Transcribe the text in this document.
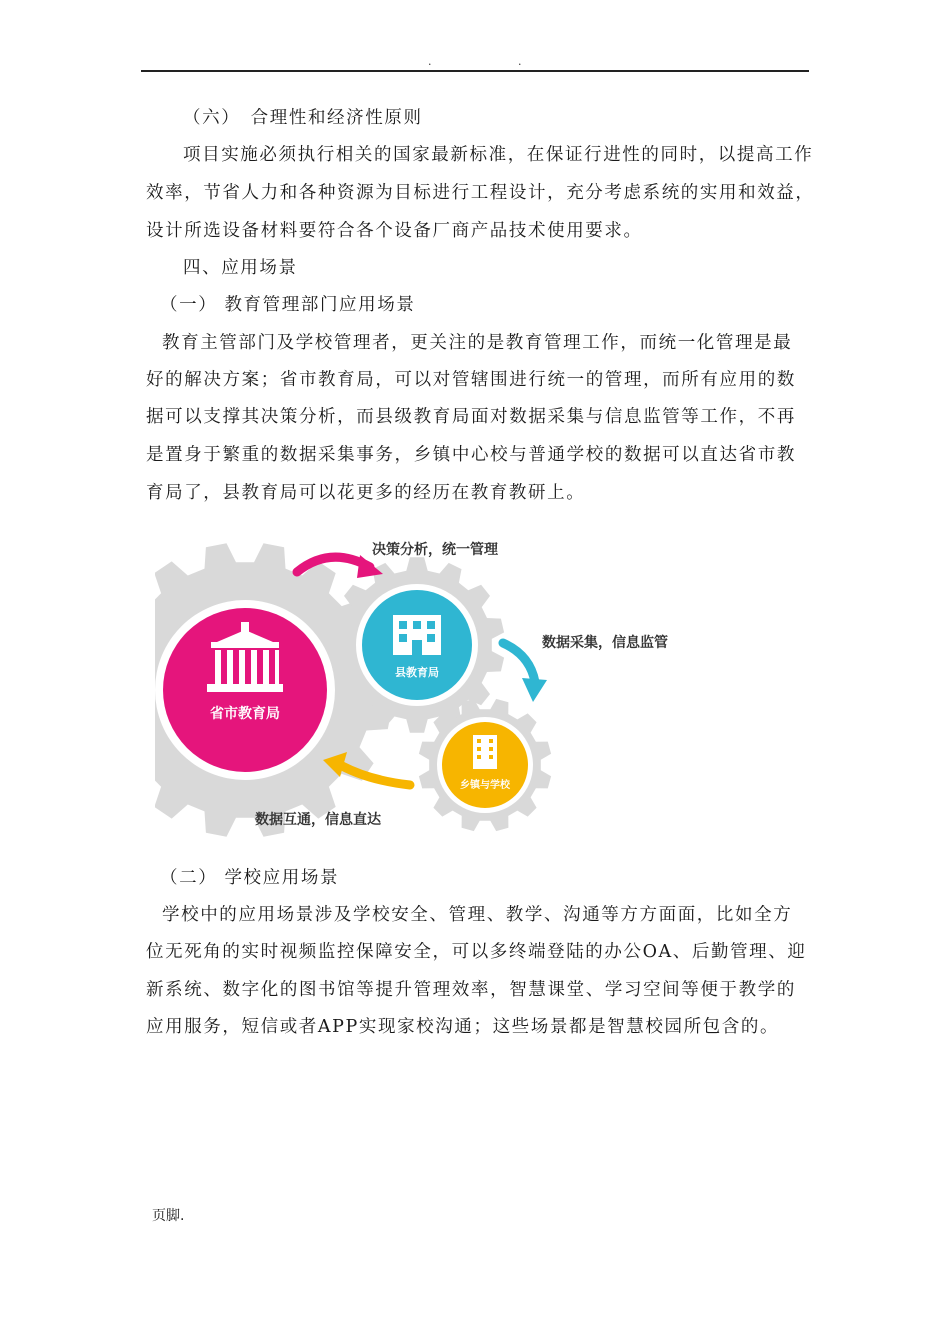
.	.
（六）　合理性和经济性原则
项目实施必须执行相关的国家最新标准，在保证行进性的同时，以提高工作
效率，节省人力和各种资源为目标进行工程设计，充分考虑系统的实用和效益，
设计所选设备材料要符合各个设备厂商产品技术使用要求。
四、应用场景
（一） 教育管理部门应用场景
教育主管部门及学校管理者，更关注的是教育管理工作，而统一化管理是最
好的解决方案；省市教育局，可以对管辖围进行统一的管理，而所有应用的数
据可以支撑其决策分析，而县级教育局面对数据采集与信息监管等工作，不再
是置身于繁重的数据采集事务，乡镇中心校与普通学校的数据可以直达省市教
育局了，县教育局可以花更多的经历在教育教研上。
省市教育局
县教育局
乡镇与学校
决策分析，统一管理
数据采集，信息监管
数据互通，信息直达
（二） 学校应用场景
学校中的应用场景涉及学校安全、管理、教学、沟通等方方面面，比如全方
位无死角的实时视频监控保障安全，可以多终端登陆的办公OA、后勤管理、迎
新系统、数字化的图书馆等提升管理效率，智慧课堂、学习空间等便于教学的
应用服务，短信或者APP实现家校沟通；这些场景都是智慧校园所包含的。
页脚.
